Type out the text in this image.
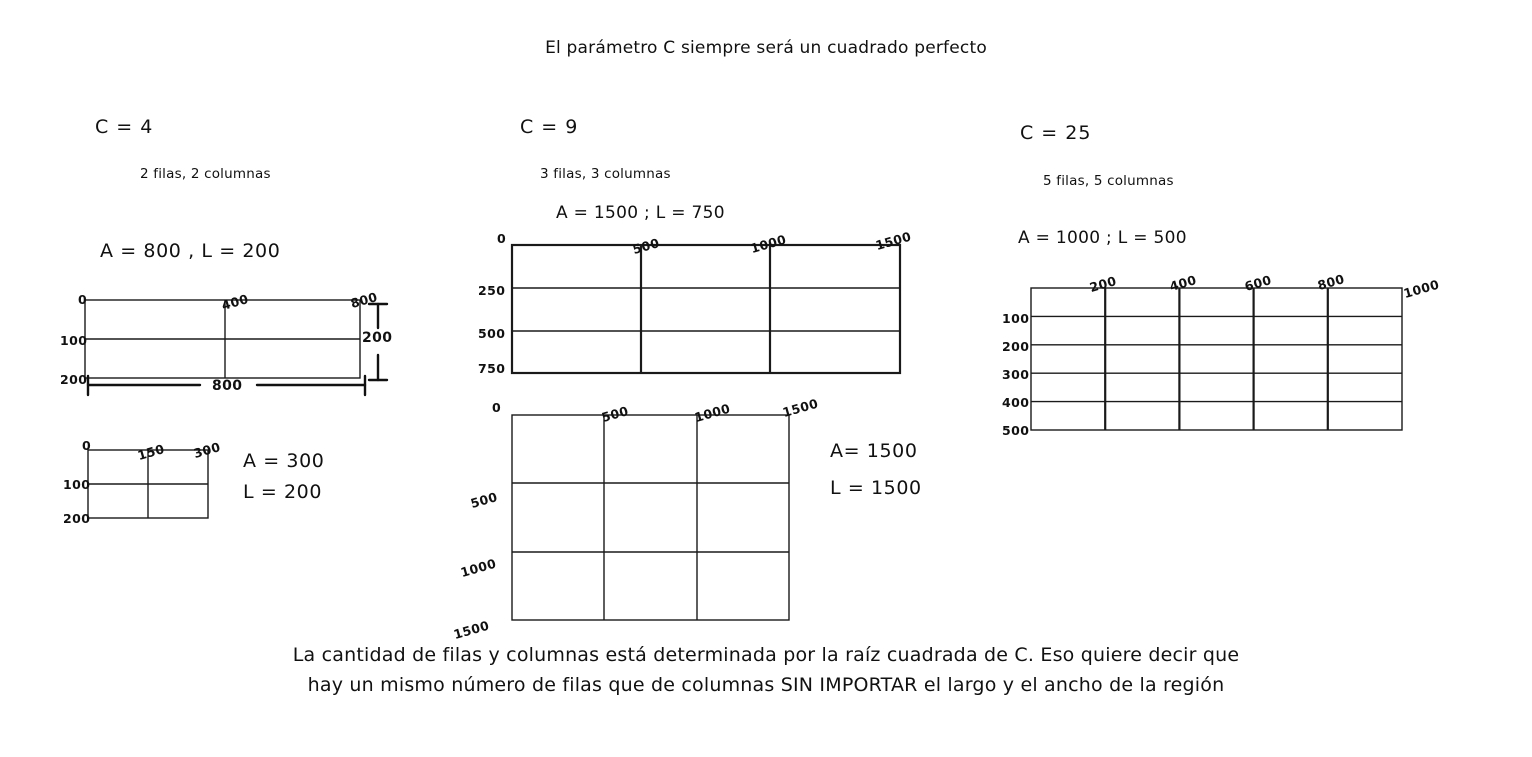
El parámetro C siempre será un cuadrado perfecto
C = 4
2 filas, 2 columnas
A = 800 , L = 200
0	400	800
100
200	800
200
0	150 300
100
200
A = 300
L = 200
C = 9
3 filas, 3 columnas
A = 1500 ; L = 750
0	500	1000	1500
250
500
750
0	500	1000	1500
500
1000
1500
A= 1500
L = 1500
C = 25
5 filas, 5 columnas
A = 1000 ; L = 500
200	400	600	800	1000
100
200
300
400
500
La cantidad de filas y columnas está determinada por la raíz cuadrada de C. Eso quiere decir que
hay un mismo número de filas que de columnas SIN IMPORTAR el largo y el ancho de la región
